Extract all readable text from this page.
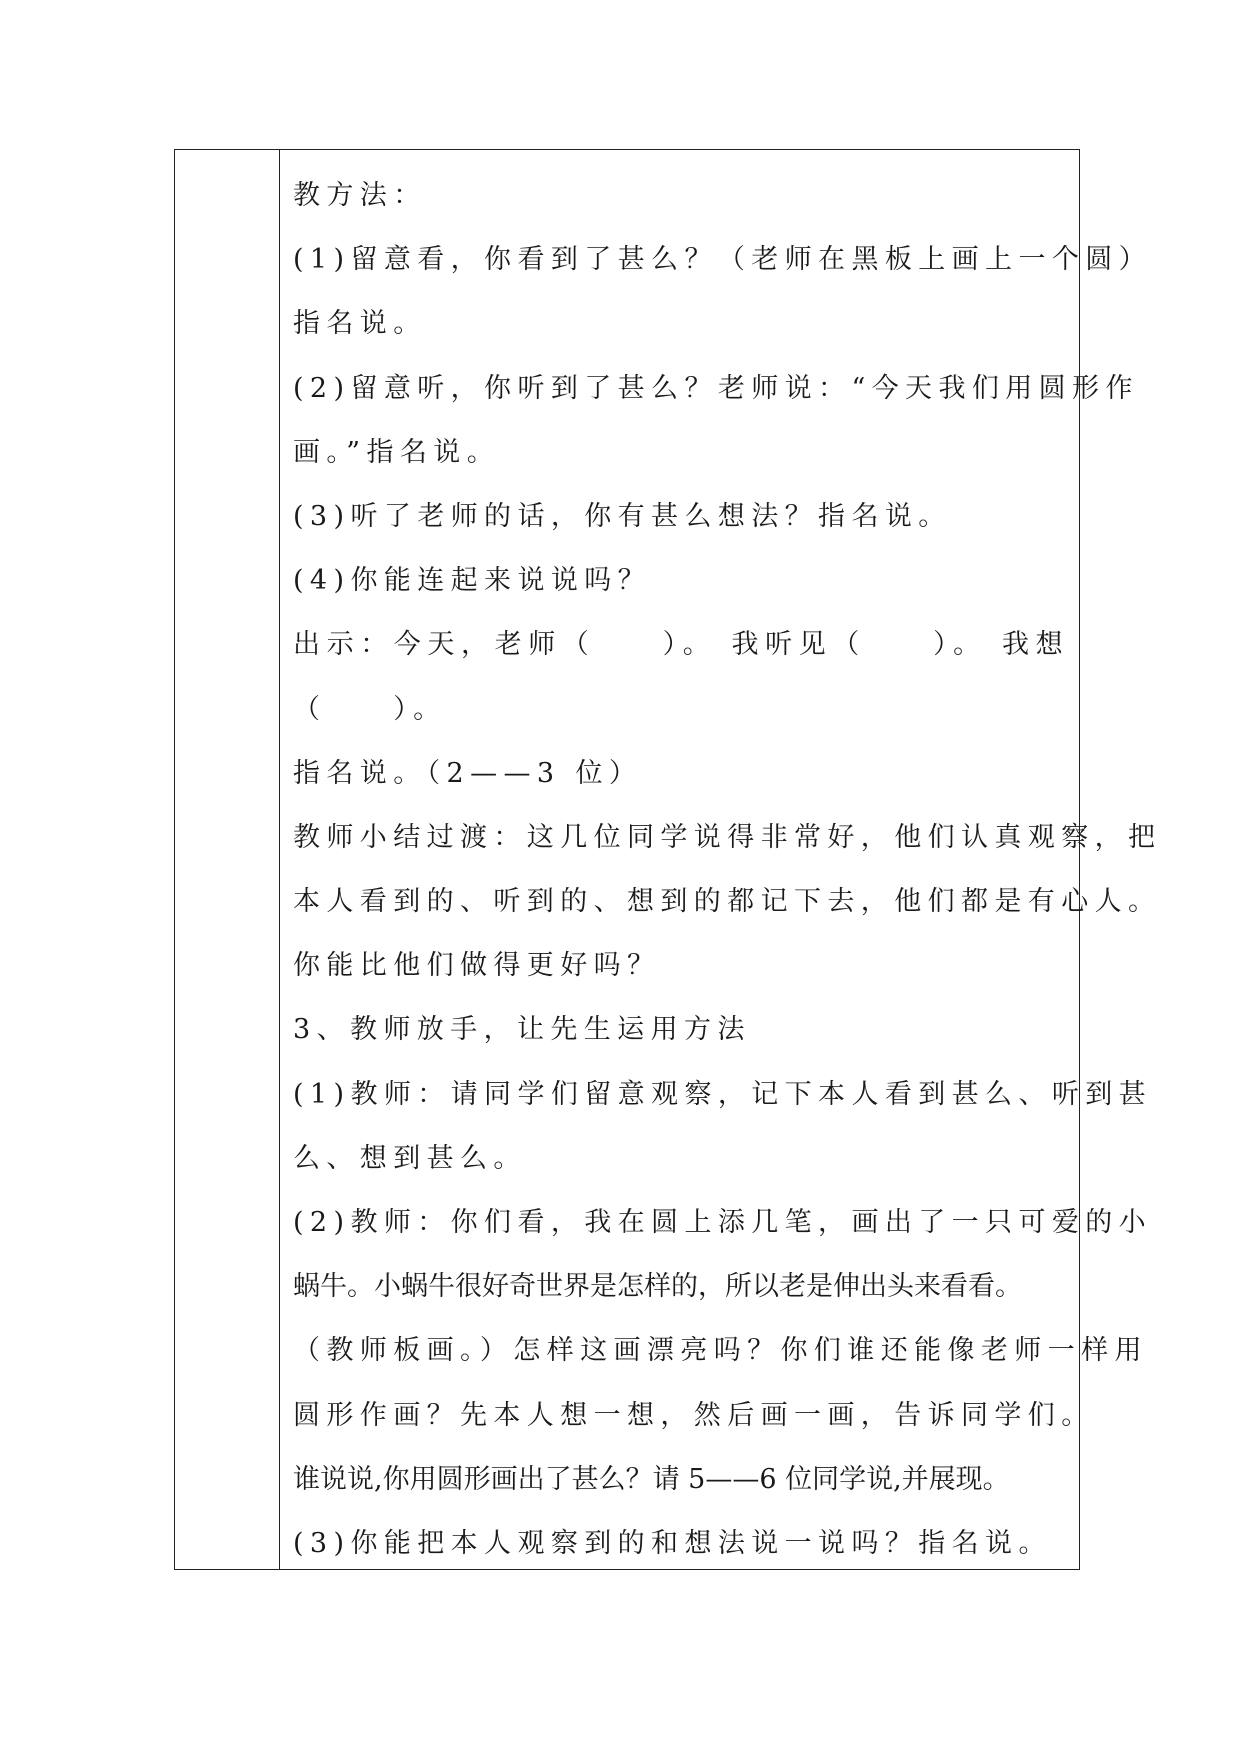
教方法：
(1)留意看，你看到了甚么？（老师在黑板上画上一个圆）
指名说。
(2)留意听，你听到了甚么？老师说：“今天我们用圆形作
画。”指名说。
(3)听了老师的话，你有甚么想法？指名说。
(4)你能连起来说说吗？
出示：今天，老师（　　）。 我听见（　　）。 我想
（　　）。
指名说。（2——3 位）
教师小结过渡：这几位同学说得非常好，他们认真观察，把
本人看到的、听到的、想到的都记下去，他们都是有心人。
你能比他们做得更好吗？
3、教师放手，让先生运用方法
(1)教师：请同学们留意观察，记下本人看到甚么、听到甚
么、想到甚么。
(2)教师：你们看，我在圆上添几笔，画出了一只可爱的小
蜗牛。小蜗牛很好奇世界是怎样的，所以老是伸出头来看看。
（教师板画。）怎样这画漂亮吗？你们谁还能像老师一样用
圆形作画？先本人想一想，然后画一画，告诉同学们。
谁说说,你用圆形画出了甚么？请 5——6 位同学说,并展现。
(3)你能把本人观察到的和想法说一说吗？指名说。
